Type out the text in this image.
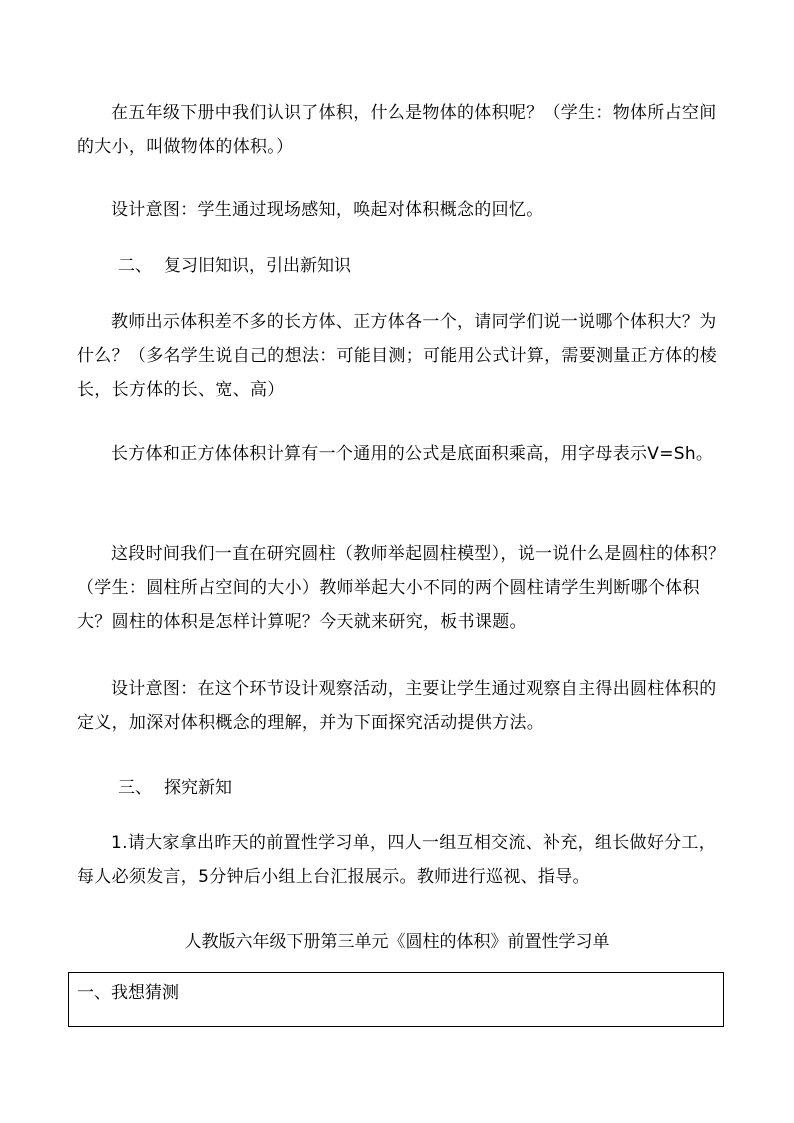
在五年级下册中我们认识了体积，什么是物体的体积呢？（学生：物体所占空间的大小，叫做物体的体积。）

设计意图：学生通过现场感知，唤起对体积概念的回忆。

二、 复习旧知识，引出新知识

教师出示体积差不多的长方体、正方体各一个，请同学们说一说哪个体积大？为什么？（多名学生说自己的想法：可能目测；可能用公式计算，需要测量正方体的棱长，长方体的长、宽、高）

长方体和正方体体积计算有一个通用的公式是底面积乘高，用字母表示V=Sh。

这段时间我们一直在研究圆柱（教师举起圆柱模型），说一说什么是圆柱的体积？（学生：圆柱所占空间的大小）教师举起大小不同的两个圆柱请学生判断哪个体积大？圆柱的体积是怎样计算呢？今天就来研究，板书课题。

设计意图：在这个环节设计观察活动，主要让学生通过观察自主得出圆柱体积的定义，加深对体积概念的理解，并为下面探究活动提供方法。

三、 探究新知

1.请大家拿出昨天的前置性学习单，四人一组互相交流、补充，组长做好分工，每人必须发言，5分钟后小组上台汇报展示。教师进行巡视、指导。

人教版六年级下册第三单元《圆柱的体积》前置性学习单

一、我想猜测
